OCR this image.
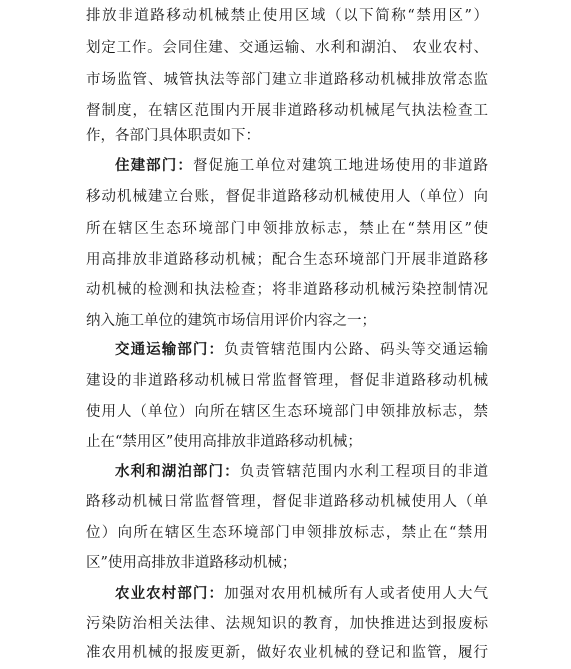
排放非道路移动机械禁止使用区域（以下简称“禁用区”）
划定工作。会同住建、交通运输、水利和湖泊、 农业农村、
市场监管、城管执法等部门建立非道路移动机械排放常态监
督制度，在辖区范围内开展非道路移动机械尾气执法检查工
作，各部门具体职责如下：
住建部门：督促施工单位对建筑工地进场使用的非道路
移动机械建立台账，督促非道路移动机械使用人（单位）向
所在辖区生态环境部门申领排放标志，禁止在“禁用区”使
用高排放非道路移动机械；配合生态环境部门开展非道路移
动机械的检测和执法检查；将非道路移动机械污染控制情况
纳入施工单位的建筑市场信用评价内容之一；
交通运输部门：负责管辖范围内公路、码头等交通运输
建设的非道路移动机械日常监督管理，督促非道路移动机械
使用人（单位）向所在辖区生态环境部门申领排放标志，禁
止在“禁用区”使用高排放非道路移动机械；
水利和湖泊部门：负责管辖范围内水利工程项目的非道
路移动机械日常监督管理，督促非道路移动机械使用人（单
位）向所在辖区生态环境部门申领排放标志，禁止在“禁用
区”使用高排放非道路移动机械；
农业农村部门：加强对农用机械所有人或者使用人大气
污染防治相关法律、法规知识的教育，加快推进达到报废标
准农用机械的报废更新，做好农业机械的登记和监管，履行
